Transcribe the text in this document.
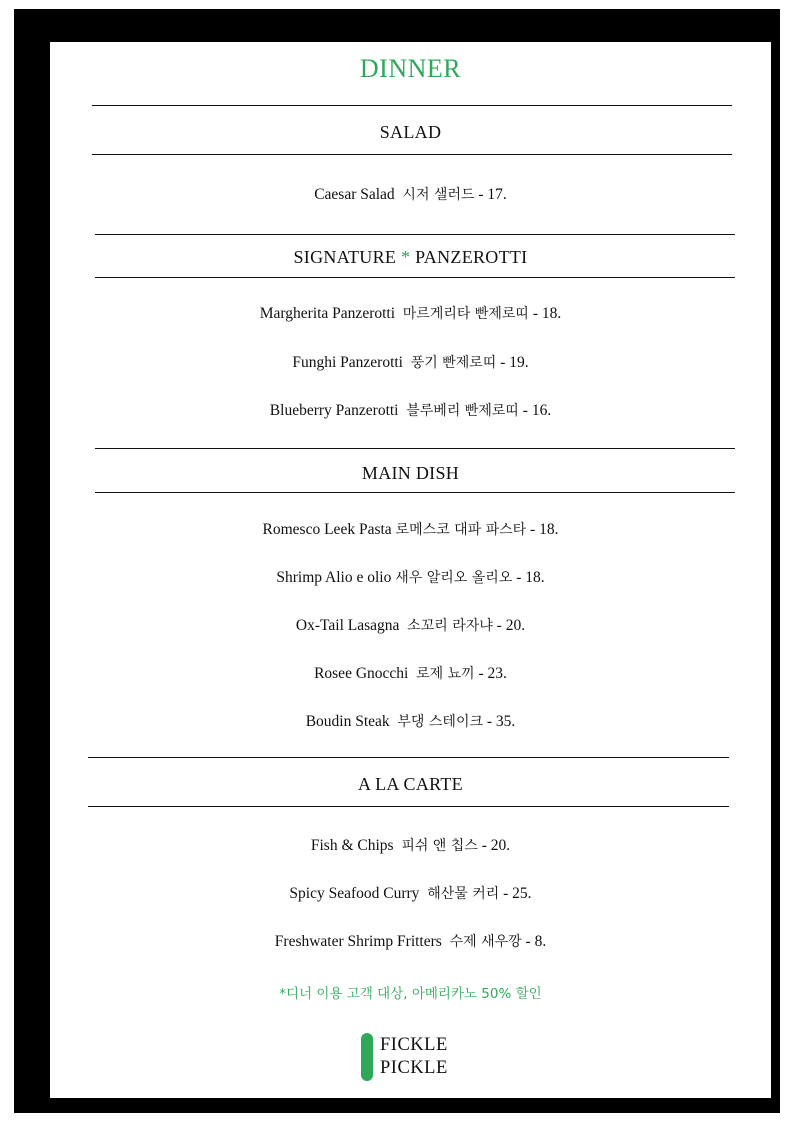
DINNER
SALAD
Caesar Salad 시저 샐러드 - 17.
SIGNATURE * PANZEROTTI
Margherita Panzerotti 마르게리타 빤제로띠 - 18.
Funghi Panzerotti 풍기 빤제로띠 - 19.
Blueberry Panzerotti 블루베리 빤제로띠 - 16.
MAIN DISH
Romesco Leek Pasta 로메스코 대파 파스타 - 18.
Shrimp Alio e olio 새우 알리오 올리오 - 18.
Ox-Tail Lasagna 소꼬리 라자냐 - 20.
Rosee Gnocchi 로제 뇨끼 - 23.
Boudin Steak 부댕 스테이크 - 35.
A LA CARTE
Fish & Chips 피쉬 앤 칩스 - 20.
Spicy Seafood Curry 해산물 커리 - 25.
Freshwater Shrimp Fritters 수제 새우깡 - 8.
*디너 이용 고객 대상, 아메리카노 50% 할인
FICKLE
PICKLE
